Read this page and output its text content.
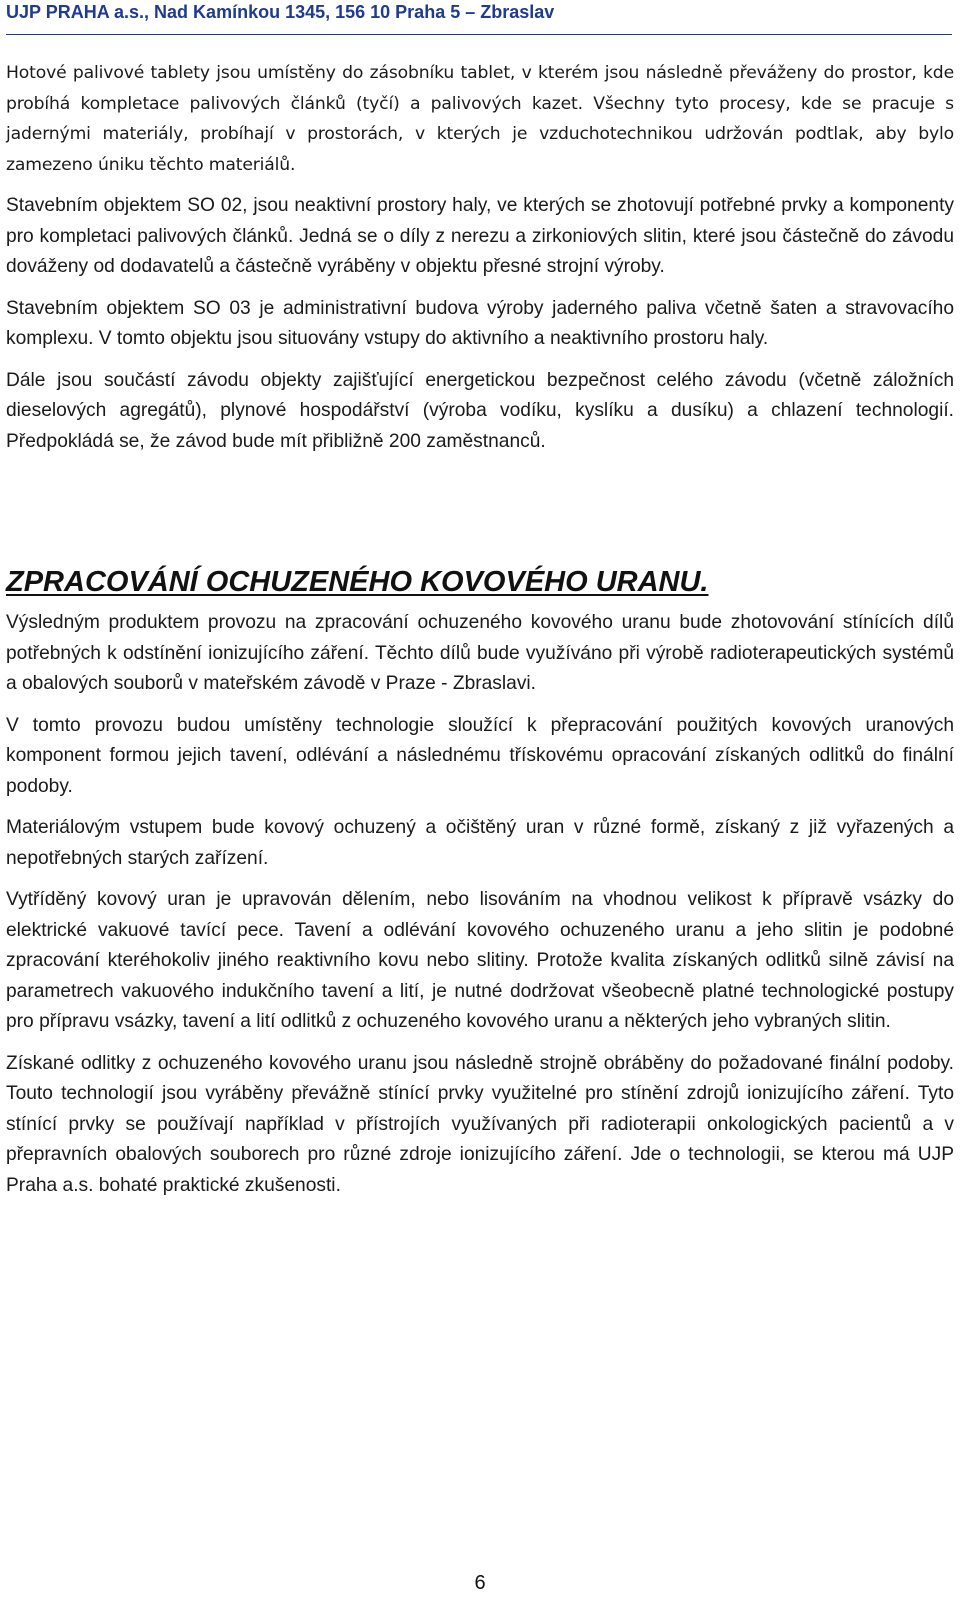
UJP PRAHA a.s., Nad Kamínkou 1345, 156 10 Praha 5 – Zbraslav

Hotové palivové tablety jsou umístěny do zásobníku tablet, v kterém jsou následně převáženy do prostor, kde probíhá kompletace palivových článků (tyčí) a palivových kazet. Všechny tyto procesy, kde se pracuje s jadernými materiály, probíhají v prostorách, v kterých je vzduchotechnikou udržován podtlak, aby bylo zamezeno úniku těchto materiálů.

Stavebním objektem SO 02, jsou neaktivní prostory haly, ve kterých se zhotovují potřebné prvky a komponenty pro kompletaci palivových článků. Jedná se o díly z nerezu a zirkoniových slitin, které jsou částečně do závodu dováženy od dodavatelů a částečně vyráběny v objektu přesné strojní výroby.

Stavebním objektem SO 03 je administrativní budova výroby jaderného paliva včetně šaten a stravovacího komplexu. V tomto objektu jsou situovány vstupy do aktivního a neaktivního prostoru haly.

Dále jsou součástí závodu objekty zajišťující energetickou bezpečnost celého závodu (včetně záložních dieselových agregátů), plynové hospodářství (výroba vodíku, kyslíku a dusíku) a chlazení technologií. Předpokládá se, že závod bude mít přibližně 200 zaměstnanců.

ZPRACOVÁNÍ OCHUZENÉHO KOVOVÉHO URANU.

Výsledným produktem provozu na zpracování ochuzeného kovového uranu bude zhotovování stínících dílů potřebných k odstínění ionizujícího záření. Těchto dílů bude využíváno při výrobě radioterapeutických systémů a obalových souborů v mateřském závodě v Praze - Zbraslavi.

V tomto provozu budou umístěny technologie sloužící k přepracování použitých kovových uranových komponent formou jejich tavení, odlévání a následnému třískovému opracování získaných odlitků do finální podoby.

Materiálovým vstupem bude kovový ochuzený a očištěný uran v různé formě, získaný z již vyřazených a nepotřebných starých zařízení.

Vytříděný kovový uran je upravován dělením, nebo lisováním na vhodnou velikost k přípravě vsázky do elektrické vakuové tavící pece. Tavení a odlévání kovového ochuzeného uranu a jeho slitin je podobné zpracování kteréhokoliv jiného reaktivního kovu nebo slitiny. Protože kvalita získaných odlitků silně závisí na parametrech vakuového indukčního tavení a lití, je nutné dodržovat všeobecně platné technologické postupy pro přípravu vsázky, tavení a lití odlitků z ochuzeného kovového uranu a některých jeho vybraných slitin.

Získané odlitky z ochuzeného kovového uranu jsou následně strojně obráběny do požadované finální podoby. Touto technologií jsou vyráběny převážně stínící prvky využitelné pro stínění zdrojů ionizujícího záření. Tyto stínící prvky se používají například v přístrojích využívaných při radioterapii onkologických pacientů a v přepravních obalových souborech pro různé zdroje ionizujícího záření. Jde o technologii, se kterou má UJP Praha a.s. bohaté praktické zkušenosti.

6
